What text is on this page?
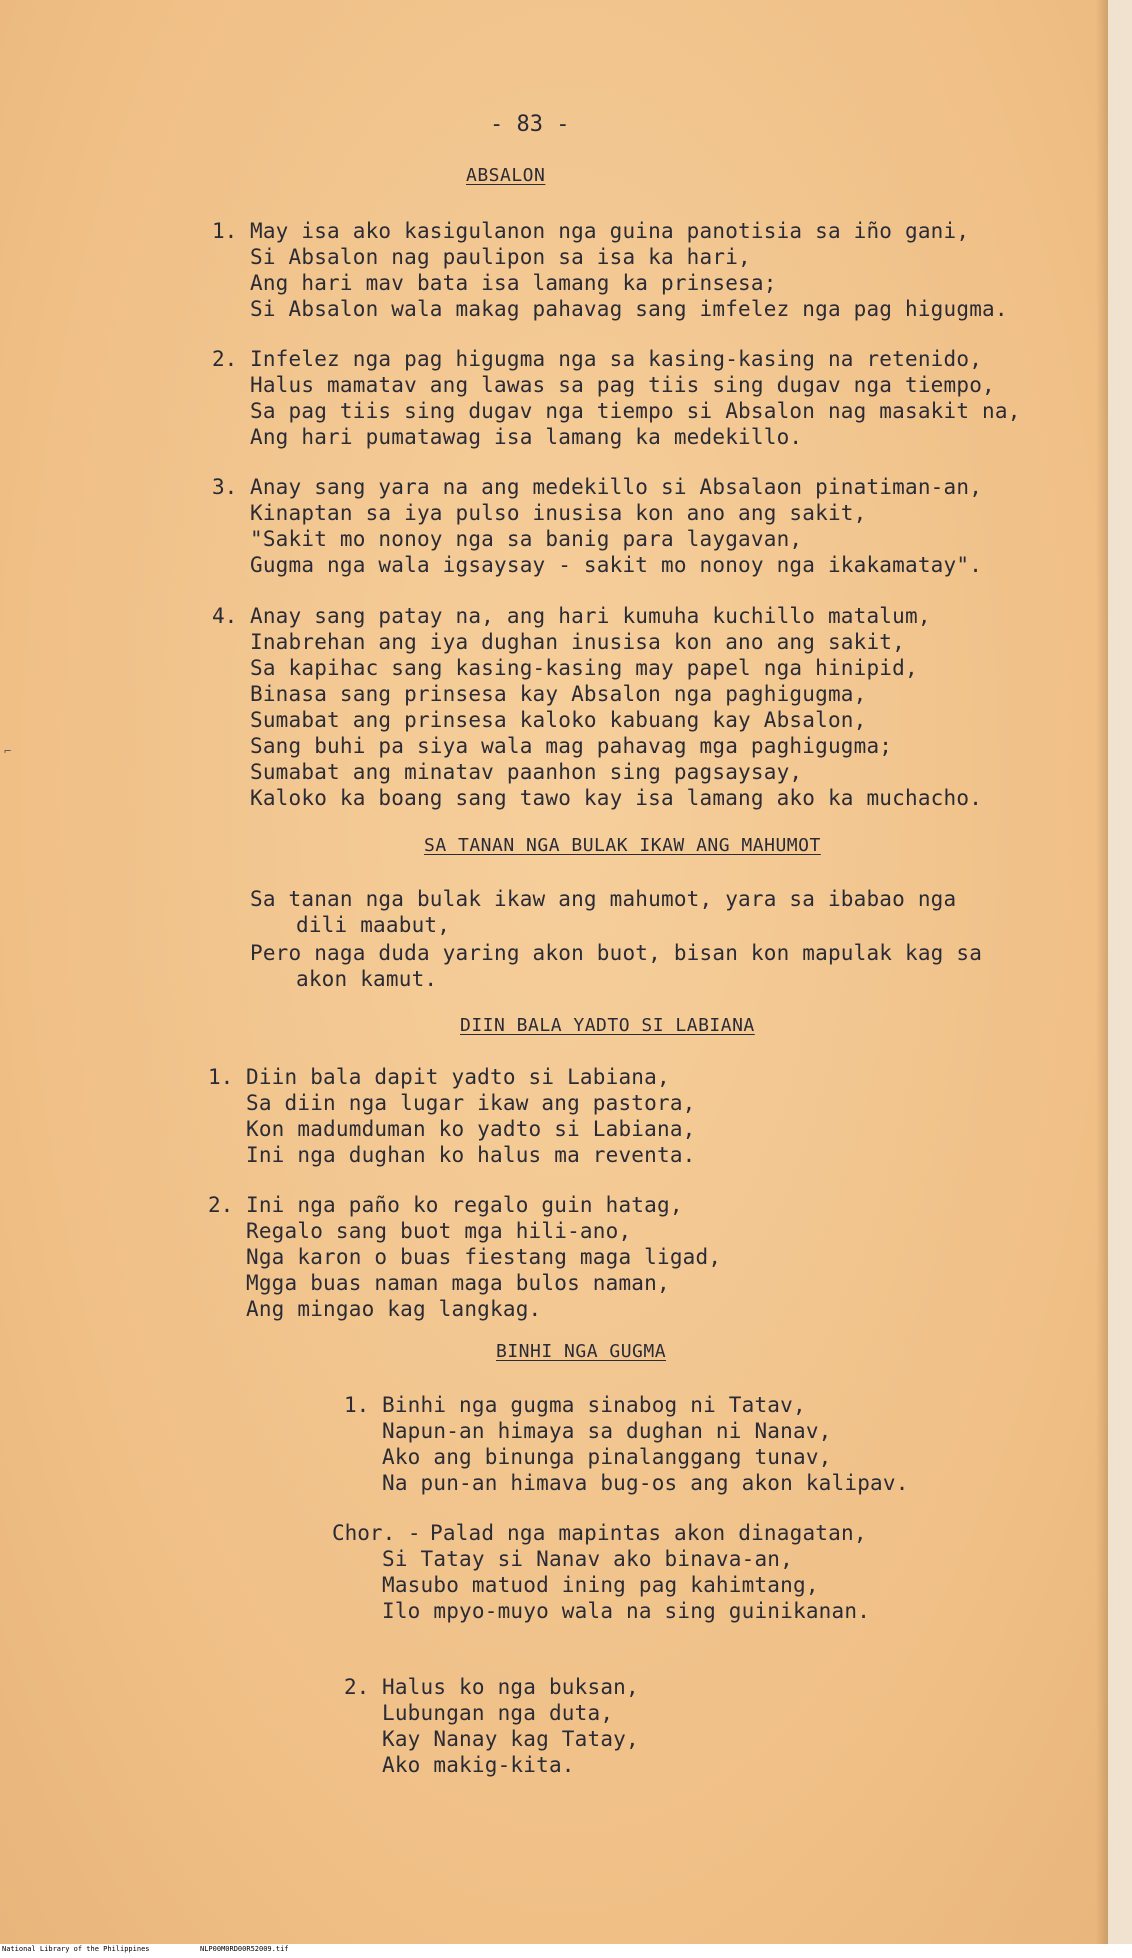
- 83 -
ABSALON
1. May isa ako kasigulanon nga guina panotisia sa iño gani,
Si Absalon nag paulipon sa isa ka hari,
Ang hari mav bata isa lamang ka prinsesa;
Si Absalon wala makag pahavag sang imfelez nga pag higugma.
2. Infelez nga pag higugma nga sa kasing-kasing na retenido,
Halus mamatav ang lawas sa pag tiis sing dugav nga tiempo,
Sa pag tiis sing dugav nga tiempo si Absalon nag masakit na,
Ang hari pumatawag isa lamang ka medekillo.
3. Anay sang yara na ang medekillo si Absalaon pinatiman-an,
Kinaptan sa iya pulso inusisa kon ano ang sakit,
"Sakit mo nonoy nga sa banig para laygavan,
Gugma nga wala igsaysay - sakit mo nonoy nga ikakamatay".
4. Anay sang patay na, ang hari kumuha kuchillo matalum,
Inabrehan ang iya dughan inusisa kon ano ang sakit,
Sa kapihac sang kasing-kasing may papel nga hinipid,
Binasa sang prinsesa kay Absalon nga paghigugma,
Sumabat ang prinsesa kaloko kabuang kay Absalon,
Sang buhi pa siya wala mag pahavag mga paghigugma;
Sumabat ang minatav paanhon sing pagsaysay,
Kaloko ka boang sang tawo kay isa lamang ako ka muchacho.
SA TANAN NGA BULAK IKAW ANG MAHUMOT
Sa tanan nga bulak ikaw ang mahumot, yara sa ibabao nga
dili maabut,
Pero naga duda yaring akon buot, bisan kon mapulak kag sa
akon kamut.
DIIN BALA YADTO SI LABIANA
1. Diin bala dapit yadto si Labiana,
Sa diin nga lugar ikaw ang pastora,
Kon madumduman ko yadto si Labiana,
Ini nga dughan ko halus ma reventa.
2. Ini nga paño ko regalo guin hatag,
Regalo sang buot mga hili-ano,
Nga karon o buas fiestang maga ligad,
Mgga buas naman maga bulos naman,
Ang mingao kag langkag.
BINHI NGA GUGMA
1. Binhi nga gugma sinabog ni Tatav,
Napun-an himaya sa dughan ni Nanav,
Ako ang binunga pinalanggang tunav,
Na pun-an himava bug-os ang akon kalipav.
Chor. - Palad nga mapintas akon dinagatan,
Si Tatay si Nanav ako binava-an,
Masubo matuod ining pag kahimtang,
Ilo mpyo-muyo wala na sing guinikanan.
2. Halus ko nga buksan,
Lubungan nga duta,
Kay Nanay kag Tatay,
Ako makig-kita.
⌐
National Library of the Philippines	NLP00M0RD00R52009.tif
